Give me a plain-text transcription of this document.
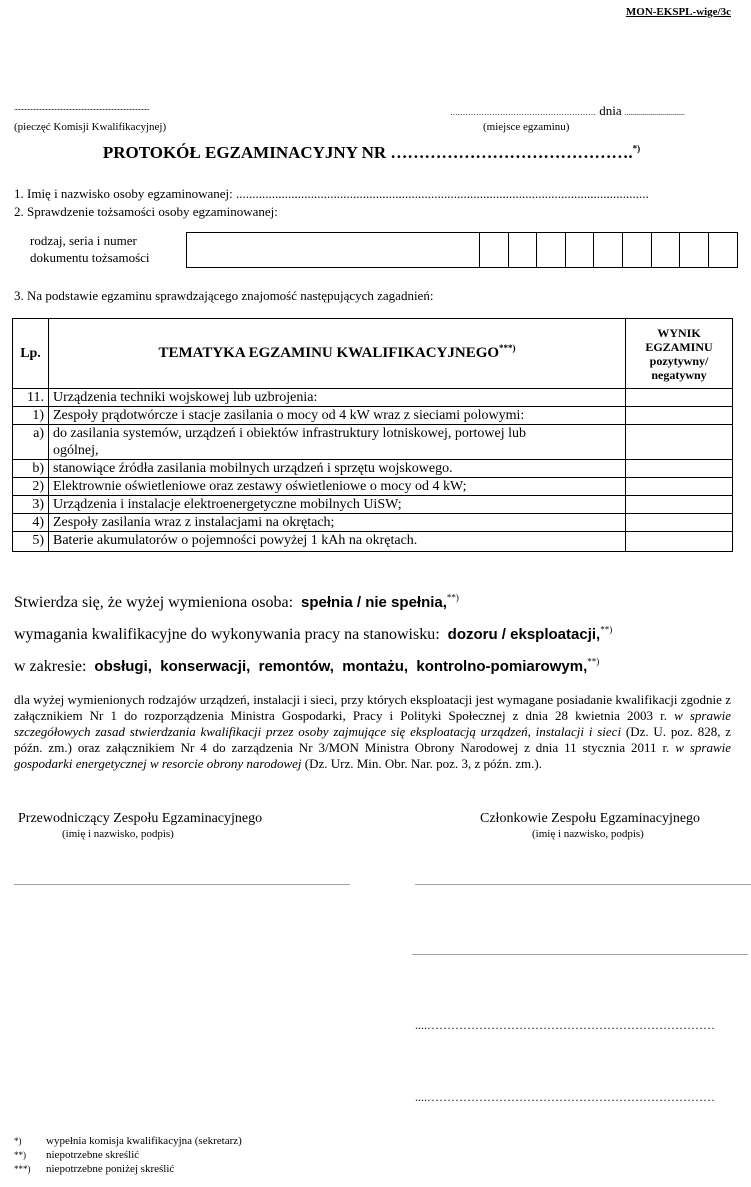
MON-EKSPL-wige/3c
..........................................................................................
(pieczęć Komisji Kwalifikacyjnej)
….…………………………………………… dnia ..............................
(miejsce egzaminu)
PROTOKÓŁ EGZAMINACYJNY NR …………………………………….*)
1. Imię i nazwisko osoby egzaminowanej: ...............................................................................................................................
2. Sprawdzenie tożsamości osoby egzaminowanej:
rodzaj, seria i numer
dokumentu tożsamości
3. Na podstawie egzaminu sprawdzającego znajomość następujących zagadnień:
Lp.	TEMATYKA EGZAMINU KWALIFIKACYJNEGO***)	WYNIK
EGZAMINU
pozytywny/
negatywny

11.	Urządzenia techniki wojskowej lub uzbrojenia:	
1)	Zespoły prądotwórcze i stacje zasilania o mocy od 4 kW wraz z sieciami polowymi:	
a)	do zasilania systemów, urządzeń i obiektów infrastruktury lotniskowej, portowej lub ogólnej,	
b)	stanowiące źródła zasilania mobilnych urządzeń i sprzętu wojskowego.	
2)	Elektrownie oświetleniowe oraz zestawy oświetleniowe o mocy od 4 kW;	
3)	Urządzenia i instalacje elektroenergetyczne mobilnych UiSW;	
4)	Zespoły zasilania wraz z instalacjami na okrętach;	
5)	Baterie akumulatorów o pojemności powyżej 1 kAh na okrętach.	
Stwierdza się, że wyżej wymieniona osoba: spełnia / nie spełnia,**)
wymagania kwalifikacyjne do wykonywania pracy na stanowisku: dozoru / eksploatacji,**)
w zakresie: obsługi,  konserwacji,  remontów,  montażu,  kontrolno-pomiarowym,**)
dla wyżej wymienionych rodzajów urządzeń, instalacji i sieci, przy których eksploatacji jest wymagane posiadanie kwalifikacji zgodnie z załącznikiem Nr 1 do rozporządzenia Ministra Gospodarki, Pracy i Polityki Społecznej z dnia 28 kwietnia 2003 r. w sprawie szczegółowych zasad stwierdzania kwalifikacji przez osoby zajmujące się eksploatacją urządzeń, instalacji i sieci (Dz. U. poz. 828, z późn. zm.) oraz załącznikiem Nr 4 do zarządzenia Nr 3/MON Ministra Obrony Narodowej z dnia 11 stycznia 2011 r. w sprawie gospodarki energetycznej w resorcie obrony narodowej (Dz. Urz. Min. Obr. Nar. poz. 3, z późn. zm.).
Przewodniczący Zespołu Egzaminacyjnego
(imię i nazwisko, podpis)
Członkowie Zespołu Egzaminacyjnego
(imię i nazwisko, podpis)
........................................................................................................................................................................	........................................................................................................................................................................
........................................................................................................................................................................
....………………………………………………………………
....………………………………………………………………
*) wypełnia komisja kwalifikacyjna (sekretarz)
**) niepotrzebne skreślić
***) niepotrzebne poniżej skreślić
